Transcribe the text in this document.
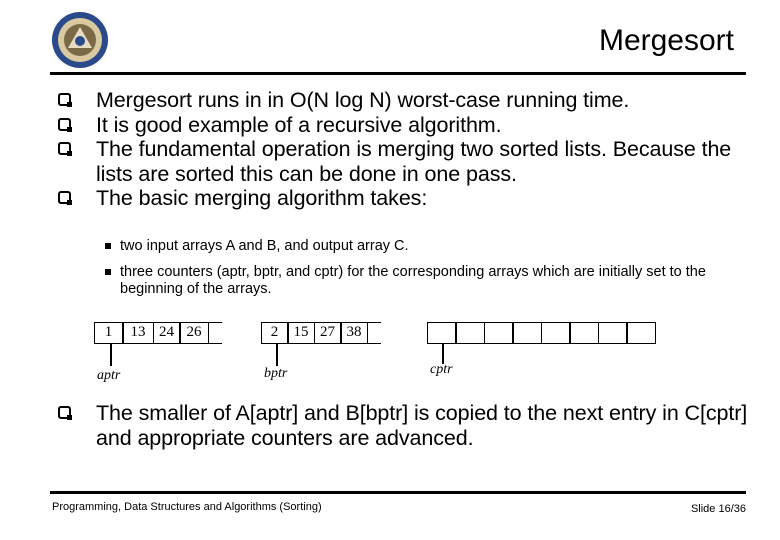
Mergesort
Mergesort runs in in O(N log N) worst-case running time.
It is good example of a recursive algorithm.
The fundamental operation is merging two sorted lists. Because the lists are sorted this can be done in one pass.
The basic merging algorithm takes:
two input arrays A and B, and output array C.
three counters (aptr, bptr, and cptr) for the corresponding arrays which are initially set to the beginning of the arrays.
1	13 24 26
aptr
2	15 27 38
bptr	cptr
The smaller of A[aptr] and B[bptr] is copied to the next entry in C[cptr] and appropriate counters are advanced.
Programming, Data Structures and Algorithms (Sorting)	Slide 16/36
